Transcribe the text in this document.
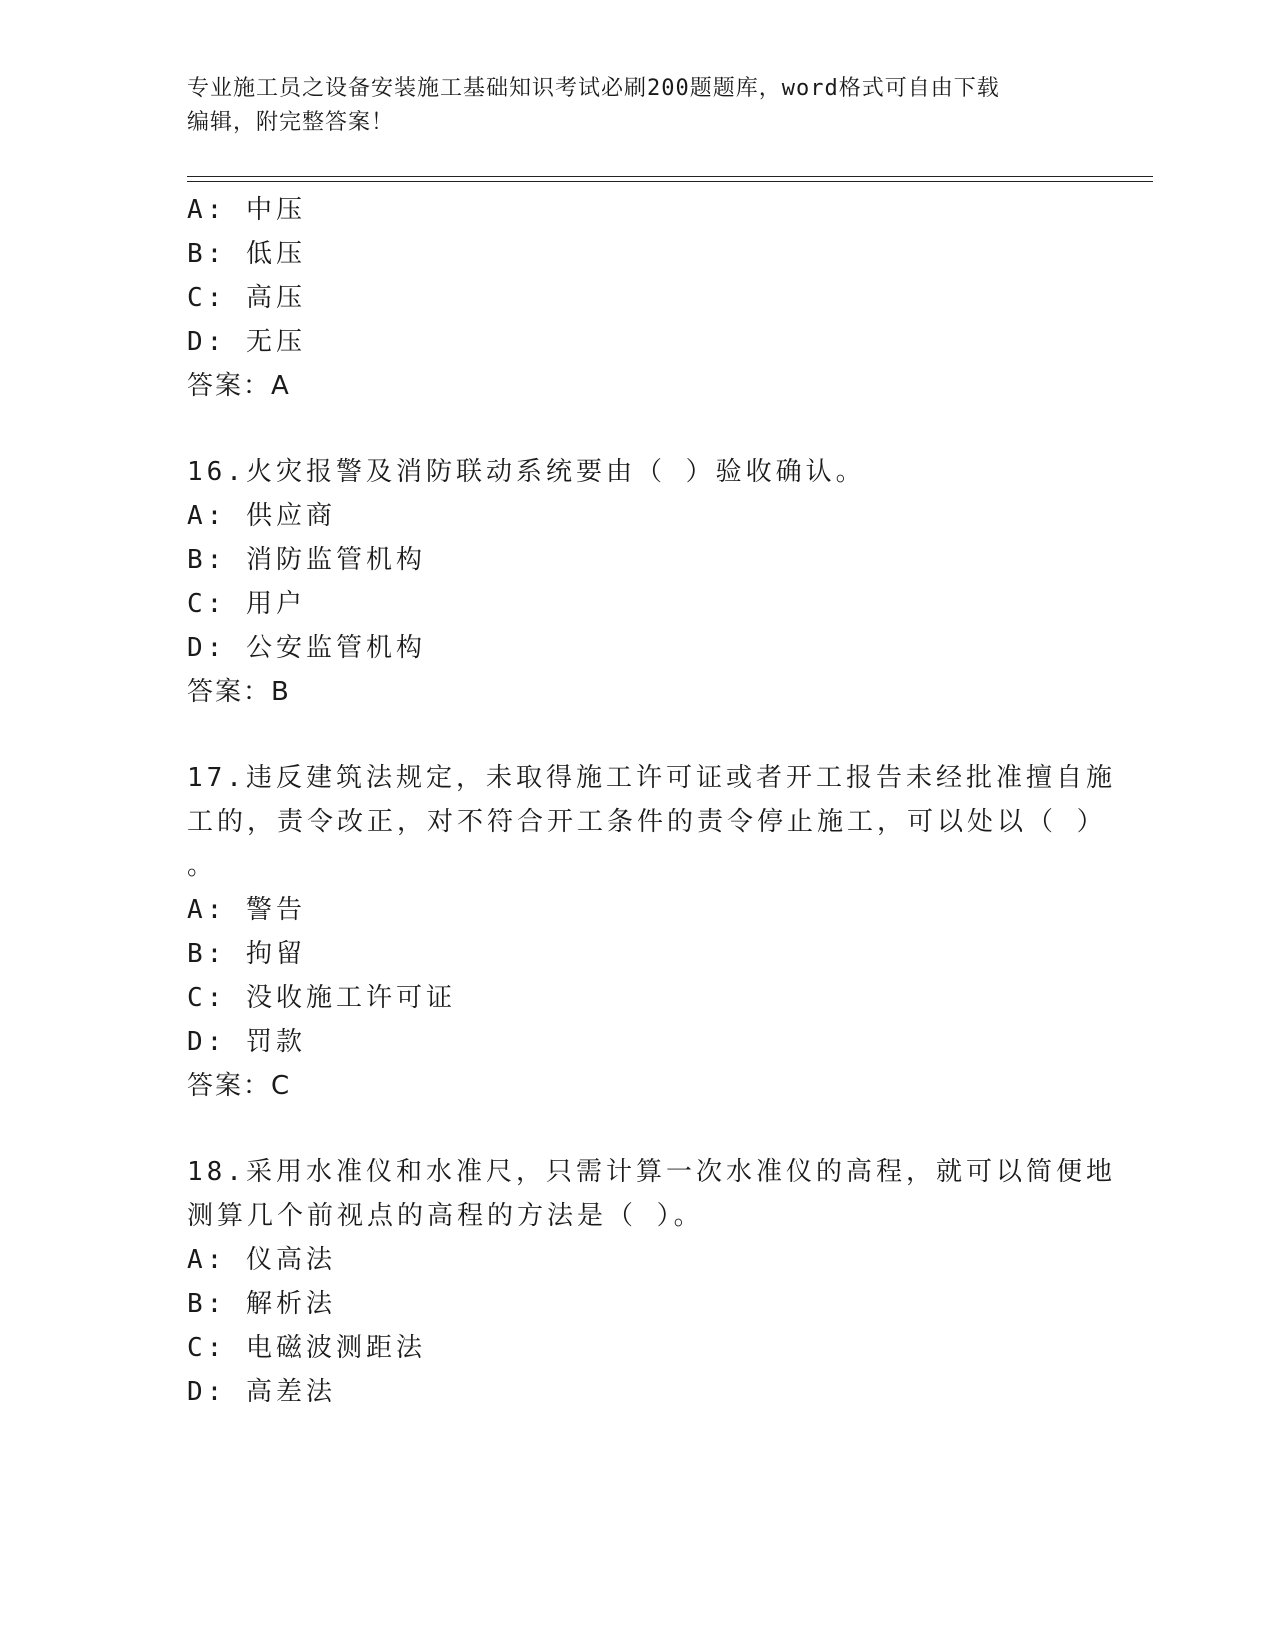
专业施工员之设备安装施工基础知识考试必刷200题题库，word格式可自由下载
编辑，附完整答案！
A: 中压
B: 低压
C: 高压
D: 无压
答案：A
16.火灾报警及消防联动系统要由（ ）验收确认。
A: 供应商
B: 消防监管机构
C: 用户
D: 公安监管机构
答案：B
17.违反建筑法规定，未取得施工许可证或者开工报告未经批准擅自施
工的，责令改正，对不符合开工条件的责令停止施工，可以处以（ ）
。
A: 警告
B: 拘留
C: 没收施工许可证
D: 罚款
答案：C
18.采用水准仪和水准尺，只需计算一次水准仪的高程，就可以简便地
测算几个前视点的高程的方法是（ ）。
A: 仪高法
B: 解析法
C: 电磁波测距法
D: 高差法
